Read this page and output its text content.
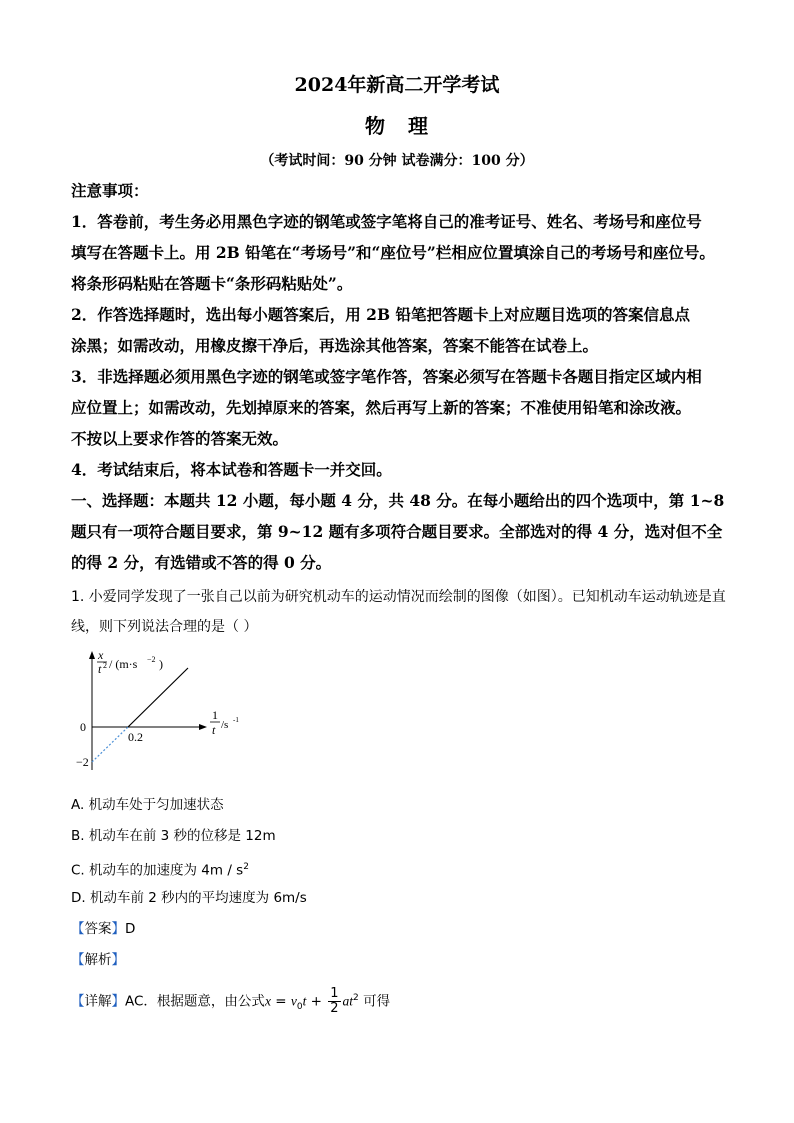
2024年新高二开学考试
物 理
（考试时间：90 分钟 试卷满分：100 分）
注意事项：
1．答卷前，考生务必用黑色字迹的钢笔或签字笔将自己的准考证号、姓名、考场号和座位号
填写在答题卡上。用 2B 铅笔在“考场号”和“座位号”栏相应位置填涂自己的考场号和座位号。
将条形码粘贴在答题卡“条形码粘贴处”。
2．作答选择题时，选出每小题答案后，用 2B 铅笔把答题卡上对应题目选项的答案信息点
涂黑；如需改动，用橡皮擦干净后，再选涂其他答案，答案不能答在试卷上。
3．非选择题必须用黑色字迹的钢笔或签字笔作答，答案必须写在答题卡各题目指定区域内相
应位置上；如需改动，先划掉原来的答案，然后再写上新的答案；不准使用铅笔和涂改液。
不按以上要求作答的答案无效。
4．考试结束后，将本试卷和答题卡一并交回。
一、选择题：本题共 12 小题，每小题 4 分，共 48 分。在每小题给出的四个选项中，第 1~8
题只有一项符合题目要求，第 9~12 题有多项符合题目要求。全部选对的得 4 分，选对但不全
的得 2 分，有选错或不答的得 0 分。
1. 小爱同学发现了一张自己以前为研究机动车的运动情况而绘制的图像（如图）。已知机动车运动轨迹是直
线，则下列说法合理的是（ ）
x
t 2 / (m·s −2 )
0
0.2
−2
1
t /s -1
A. 机动车处于匀加速状态
B. 机动车在前 3 秒的位移是 12m
C. 机动车的加速度为 $4m / s^2$
D. 机动车前 2 秒内的平均速度为 6m/s
【答案】D
【解析】
【详解】AC．根据题意，由公式$x = v_0t + \frac{1}{2} at^2$ 可得
